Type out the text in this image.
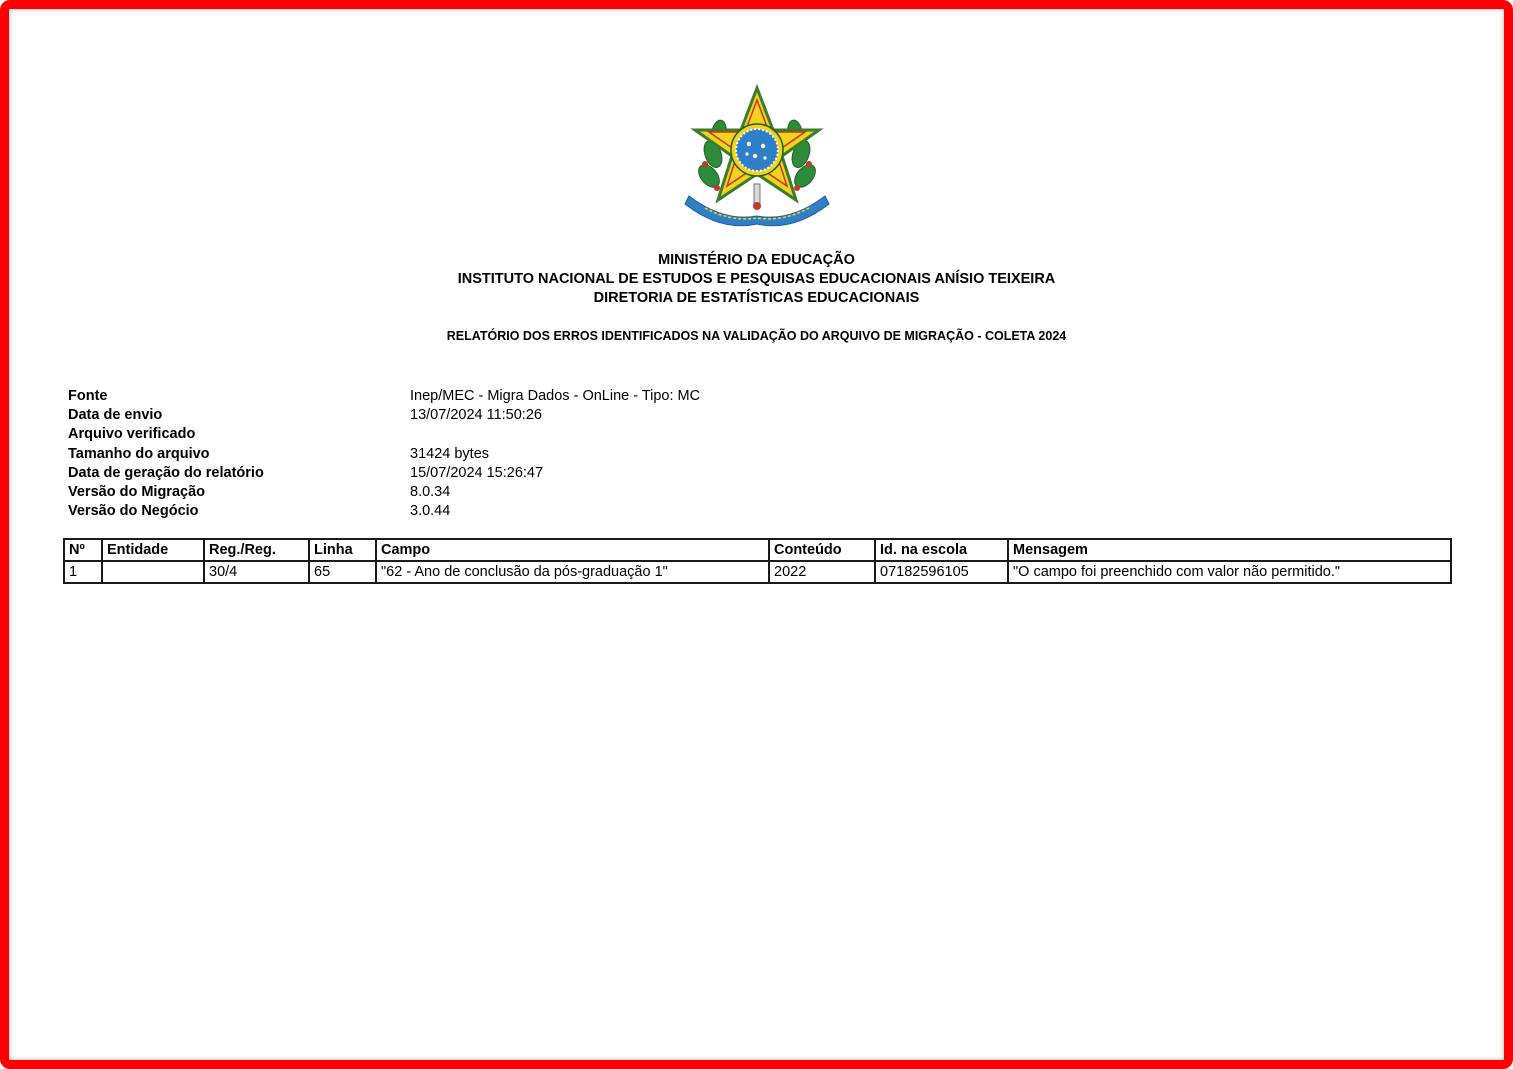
MINISTÉRIO DA EDUCAÇÃO
INSTITUTO NACIONAL DE ESTUDOS E PESQUISAS EDUCACIONAIS ANÍSIO TEIXEIRA
DIRETORIA DE ESTATÍSTICAS EDUCACIONAIS
RELATÓRIO DOS ERROS IDENTIFICADOS NA VALIDAÇÃO DO ARQUIVO DE MIGRAÇÃO - COLETA 2024
Fonte	Inep/MEC - Migra Dados - OnLine - Tipo: MC
Data de envio	13/07/2024 11:50:26
Arquivo verificado
Tamanho do arquivo	31424 bytes
Data de geração do relatório	15/07/2024 15:26:47
Versão do Migração	8.0.34
Versão do Negócio	3.0.44
Nº	Entidade	Reg./Reg.	Linha	Campo	Conteúdo	Id. na escola	Mensagem
1		30/4	65	"62 - Ano de conclusão da pós-graduação 1"	2022	07182596105	"O campo foi preenchido com valor não permitido."
